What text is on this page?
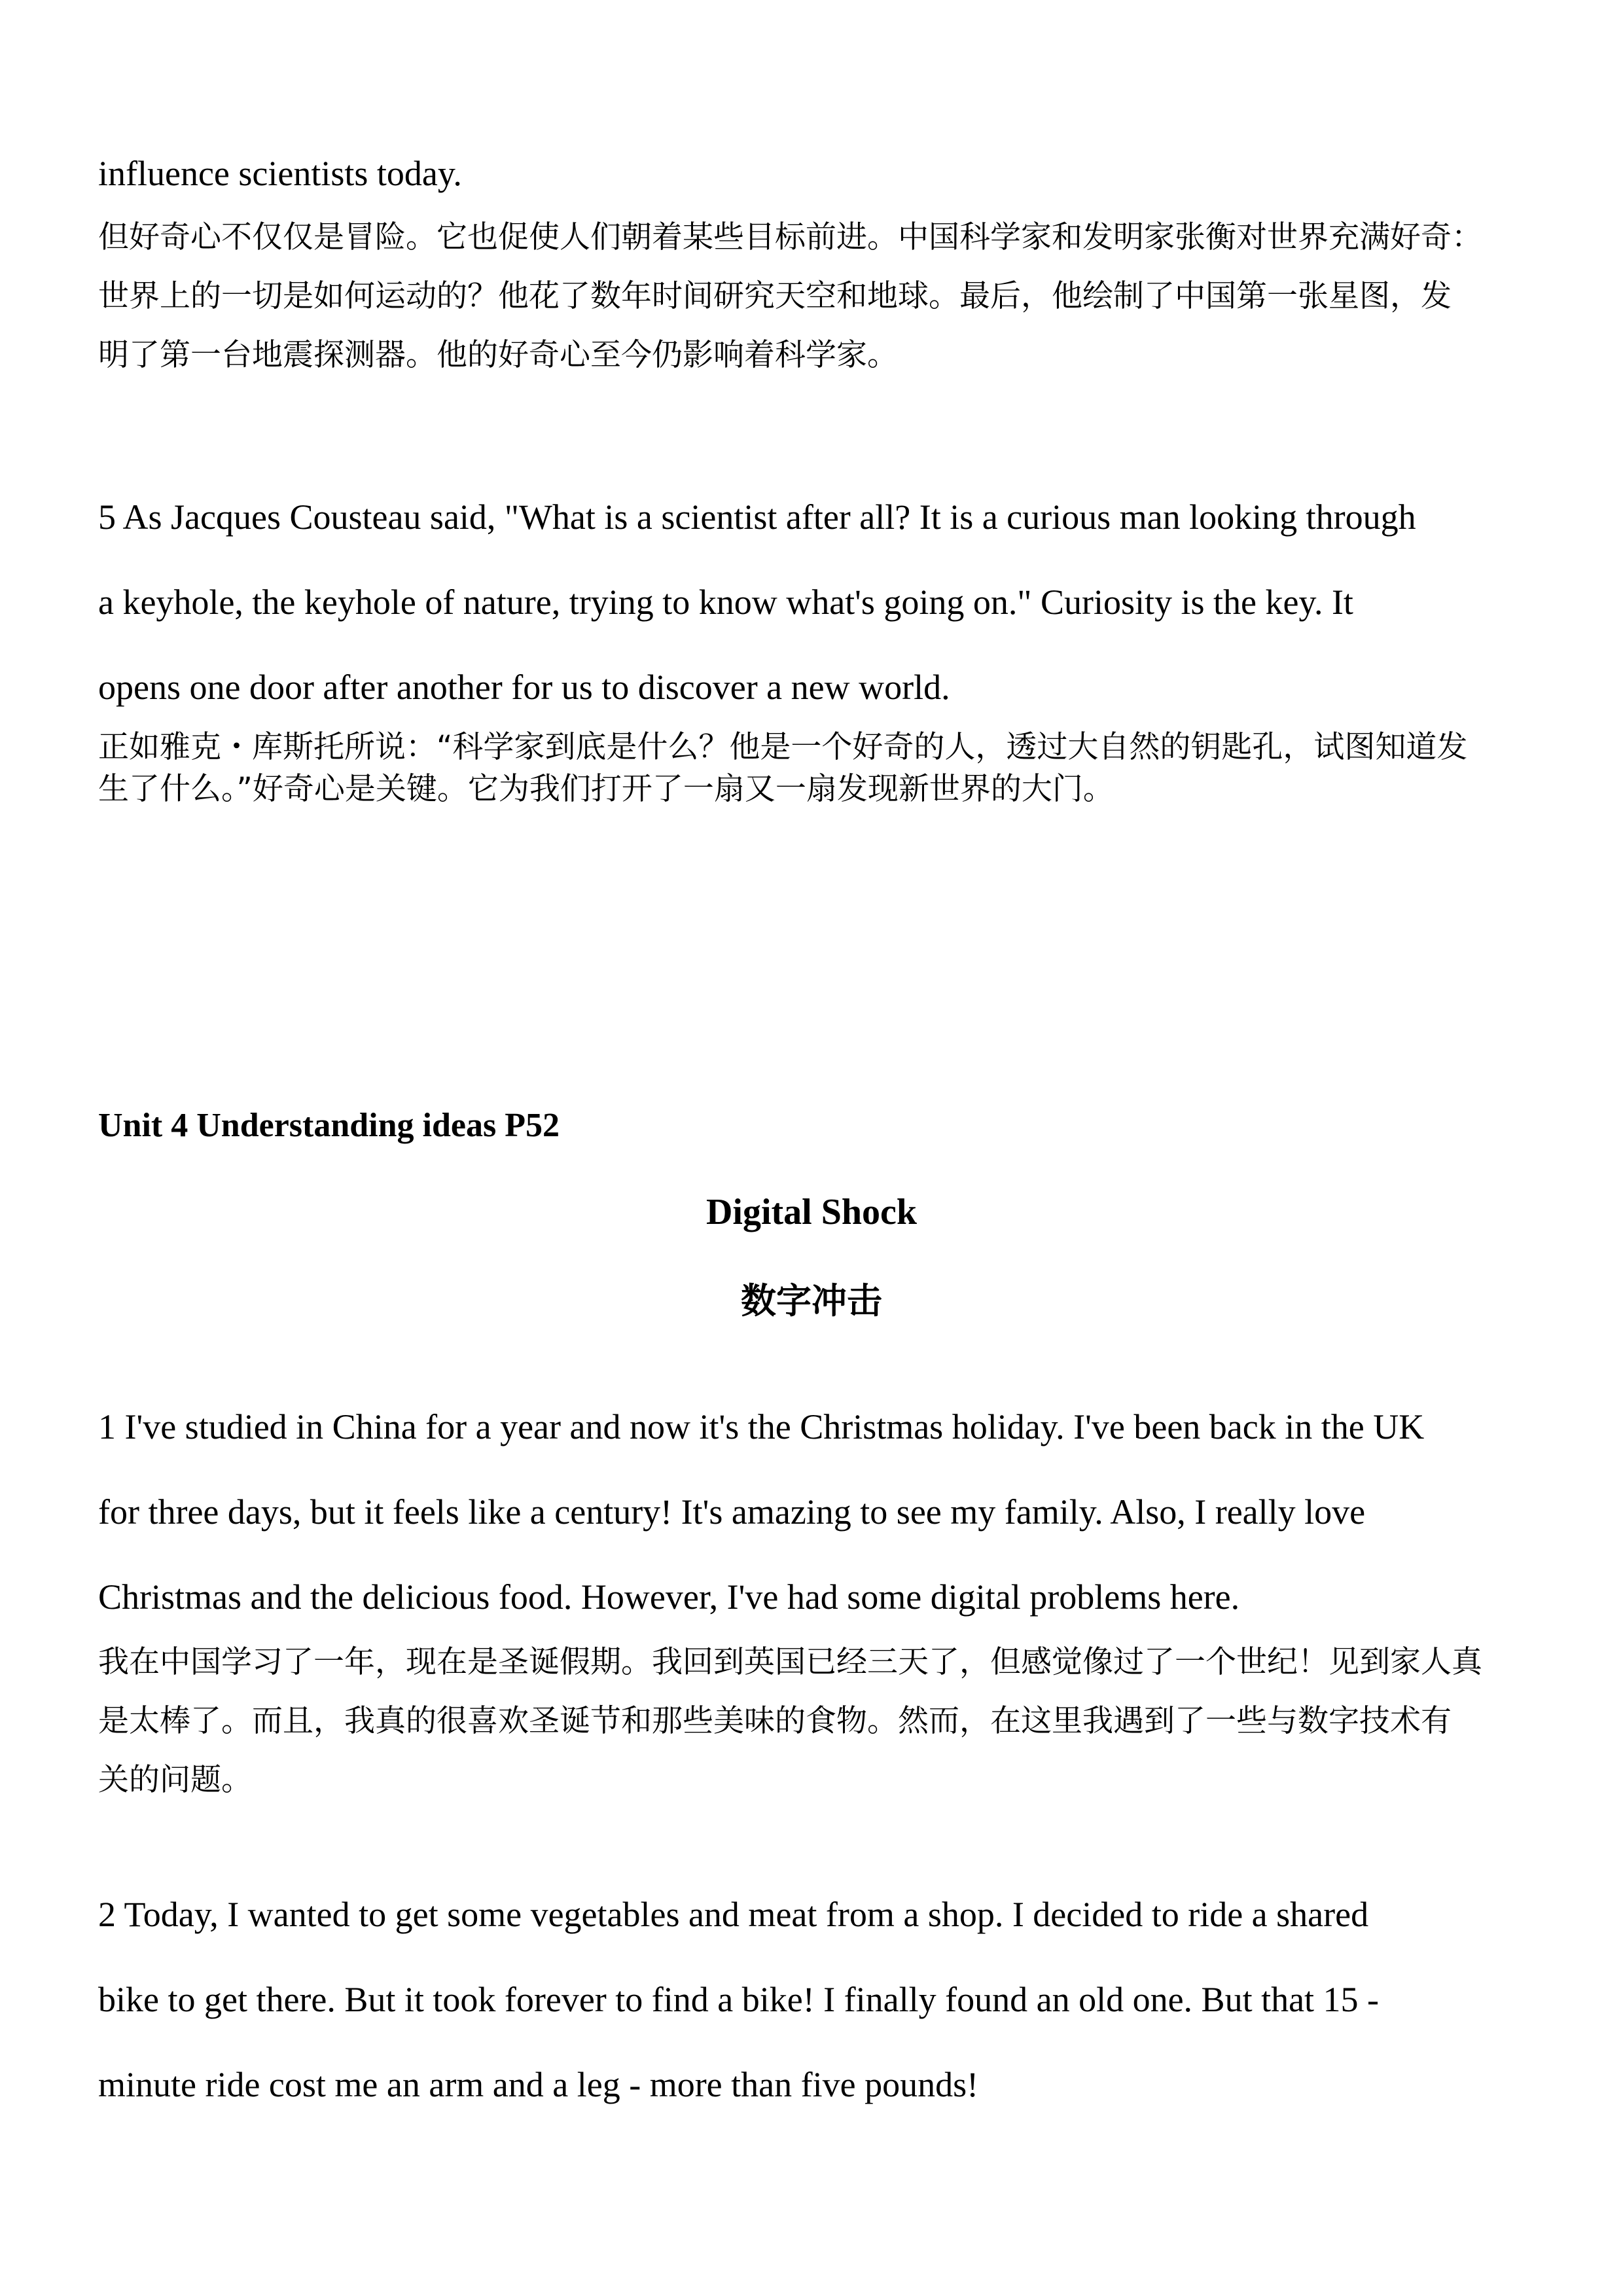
influence scientists today.

但好奇心不仅仅是冒险。它也促使人们朝着某些目标前进。中国科学家和发明家张衡对世界充满好奇：

世界上的一切是如何运动的？他花了数年时间研究天空和地球。最后，他绘制了中国第一张星图，发

明了第一台地震探测器。他的好奇心至今仍影响着科学家。

5 As Jacques Cousteau said, "What is a scientist after all? It is a curious man looking through

a keyhole, the keyhole of nature, trying to know what's going on." Curiosity is the key. It

opens one door after another for us to discover a new world.

正如雅克・库斯托所说：“科学家到底是什么？他是一个好奇的人，透过大自然的钥匙孔，试图知道发

生了什么。”好奇心是关键。它为我们打开了一扇又一扇发现新世界的大门。

Unit 4 Understanding ideas P52

Digital Shock

数字冲击

1 I've studied in China for a year and now it's the Christmas holiday. I've been back in the UK

for three days, but it feels like a century! It's amazing to see my family. Also, I really love

Christmas and the delicious food. However, I've had some digital problems here.

我在中国学习了一年，现在是圣诞假期。我回到英国已经三天了，但感觉像过了一个世纪！见到家人真

是太棒了。而且，我真的很喜欢圣诞节和那些美味的食物。然而，在这里我遇到了一些与数字技术有

关的问题。

2 Today, I wanted to get some vegetables and meat from a shop. I decided to ride a shared

bike to get there. But it took forever to find a bike! I finally found an old one. But that 15 -

minute ride cost me an arm and a leg - more than five pounds!
